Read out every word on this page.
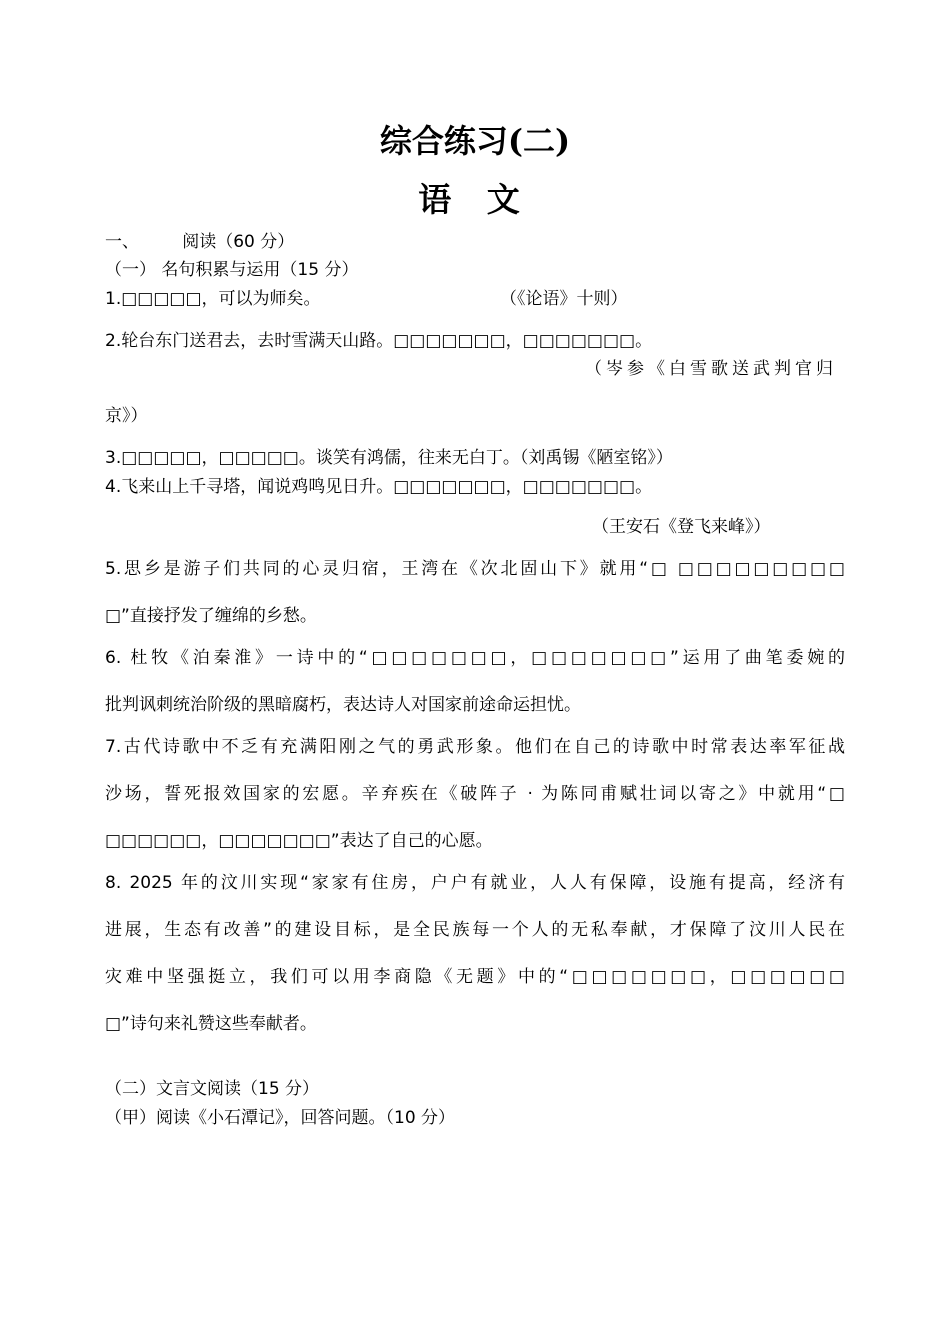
综合练习(二)
语 文
一、        阅读（60 分）
（一） 名句积累与运用（15 分）
1.□□□□□，可以为师矣。	（《论语》十则）
2.轮台东门送君去，去时雪满天山路。□□□□□□□，□□□□□□□。
（岑参《白雪歌送武判官归
京》）
3.□□□□□，□□□□□。谈笑有鸿儒，往来无白丁。（刘禹锡《陋室铭》）
4.飞来山上千寻塔，闻说鸡鸣见日升。□□□□□□□，□□□□□□□。
（王安石《登飞来峰》）
5.思乡是游子们共同的心灵归宿，王湾在《次北固山下》就用“□ □□□□□□□□□
□”直接抒发了缠绵的乡愁。
6. 杜牧《泊秦淮》一诗中的“□□□□□□□，□□□□□□□”运用了曲笔委婉的
批判讽刺统治阶级的黑暗腐朽，表达诗人对国家前途命运担忧。
7.古代诗歌中不乏有充满阳刚之气的勇武形象。他们在自己的诗歌中时常表达率军征战
沙场，誓死报效国家的宏愿。辛弃疾在《破阵子 · 为陈同甫赋壮词以寄之》中就用“□
□□□□□□，□□□□□□□”表达了自己的心愿。
8. 2025 年的汶川实现“家家有住房，户户有就业，人人有保障，设施有提高，经济有
进展，生态有改善”的建设目标，是全民族每一个人的无私奉献，才保障了汶川人民在
灾难中坚强挺立，我们可以用李商隐《无题》中的“□□□□□□□，□□□□□□
□”诗句来礼赞这些奉献者。
（二）文言文阅读（15 分）
（甲）阅读《小石潭记》，回答问题。（10 分）
